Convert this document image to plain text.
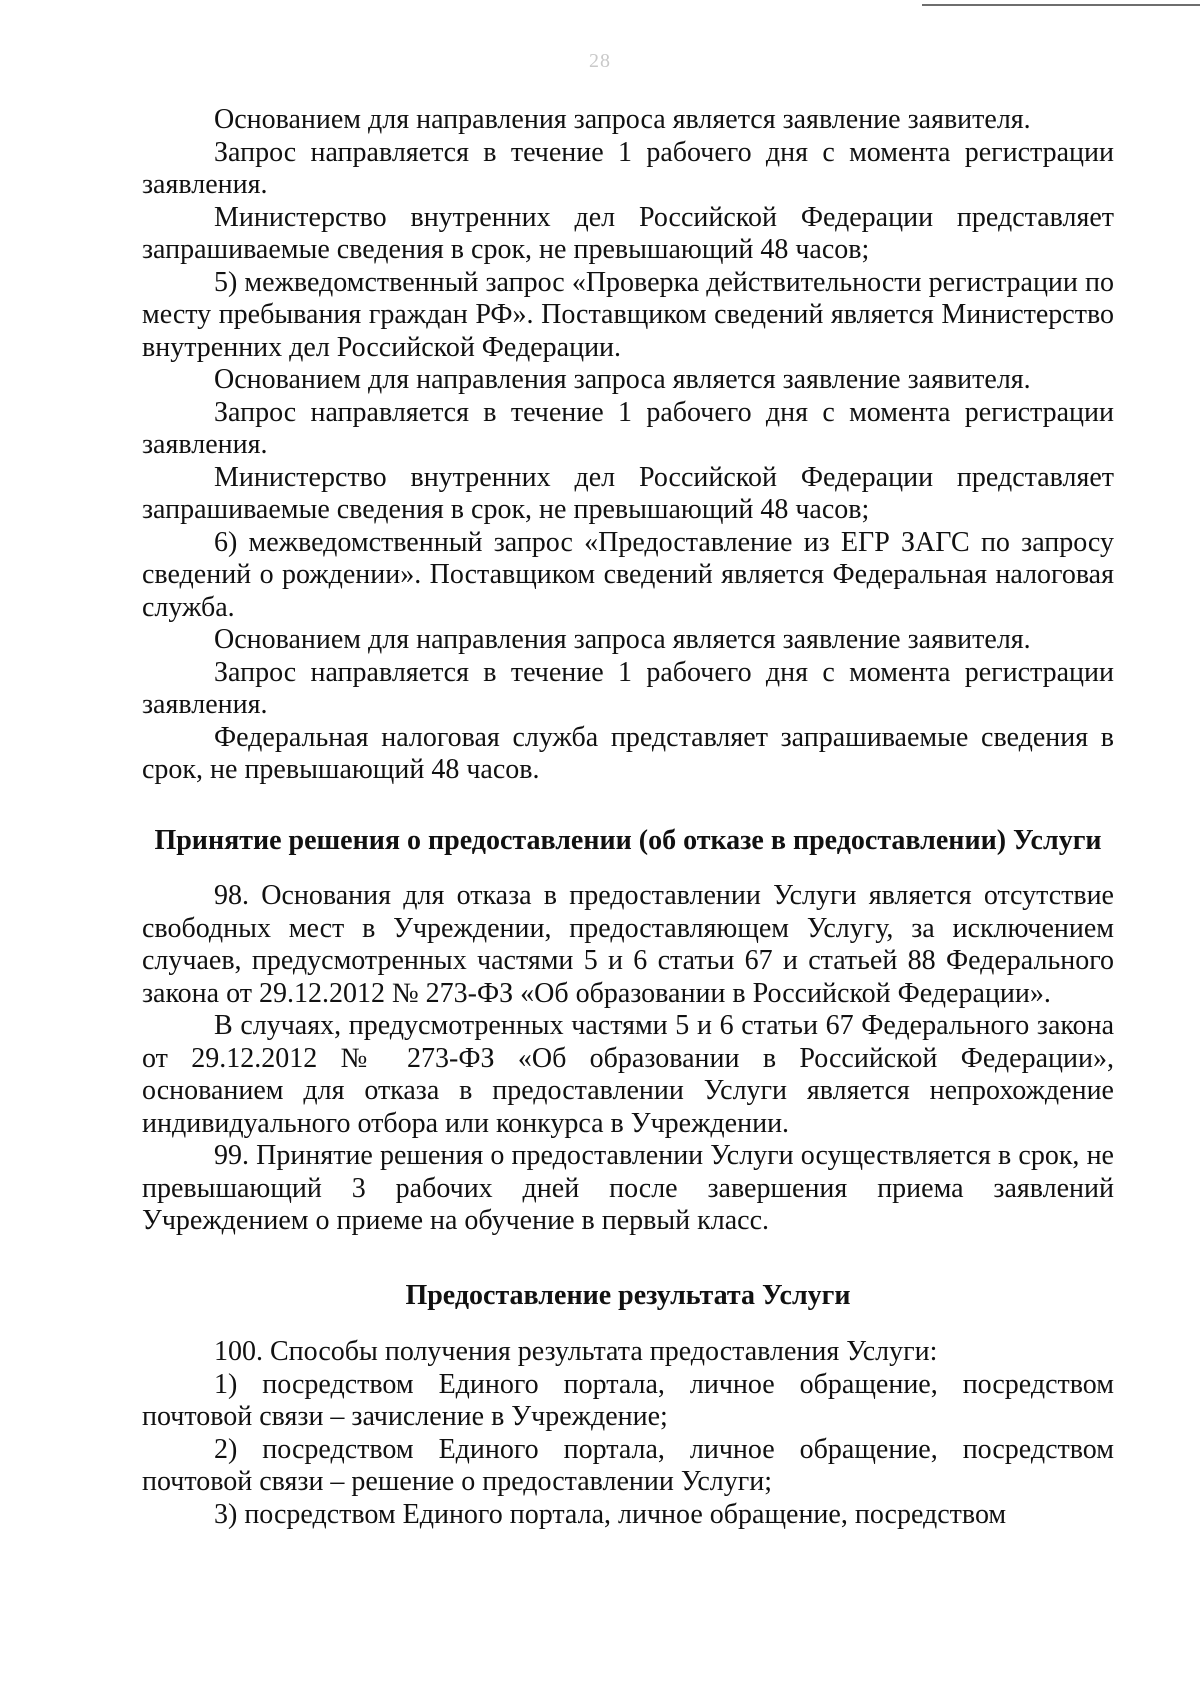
28

Основанием для направления запроса является заявление заявителя.

Запрос направляется в течение 1 рабочего дня с момента регистрации заявления.

Министерство внутренних дел Российской Федерации представляет запрашиваемые сведения в срок, не превышающий 48 часов;

5) межведомственный запрос «Проверка действительности регистрации по месту пребывания граждан РФ». Поставщиком сведений является Министерство внутренних дел Российской Федерации.

Основанием для направления запроса является заявление заявителя.

Запрос направляется в течение 1 рабочего дня с момента регистрации заявления.

Министерство внутренних дел Российской Федерации представляет запрашиваемые сведения в срок, не превышающий 48 часов;

6) межведомственный запрос «Предоставление из ЕГР ЗАГС по запросу сведений о рождении». Поставщиком сведений является Федеральная налоговая служба.

Основанием для направления запроса является заявление заявителя.

Запрос направляется в течение 1 рабочего дня с момента регистрации заявления.

Федеральная налоговая служба представляет запрашиваемые сведения в срок, не превышающий 48 часов.

Принятие решения о предоставлении (об отказе в предоставлении) Услуги

98. Основания для отказа в предоставлении Услуги является отсутствие свободных мест в Учреждении, предоставляющем Услугу, за исключением случаев, предусмотренных частями 5 и 6 статьи 67 и статьей 88 Федерального закона от 29.12.2012 № 273-ФЗ «Об образовании в Российской Федерации».

В случаях, предусмотренных частями 5 и 6 статьи 67 Федерального закона от 29.12.2012 № 273-ФЗ «Об образовании в Российской Федерации», основанием для отказа в предоставлении Услуги является непрохождение индивидуального отбора или конкурса в Учреждении.

99. Принятие решения о предоставлении Услуги осуществляется в срок, не превышающий 3 рабочих дней после завершения приема заявлений Учреждением о приеме на обучение в первый класс.

Предоставление результата Услуги

100. Способы получения результата предоставления Услуги:

1) посредством Единого портала, личное обращение, посредством почтовой связи – зачисление в Учреждение;

2) посредством Единого портала, личное обращение, посредством почтовой связи – решение о предоставлении Услуги;

3) посредством Единого портала, личное обращение, посредством
